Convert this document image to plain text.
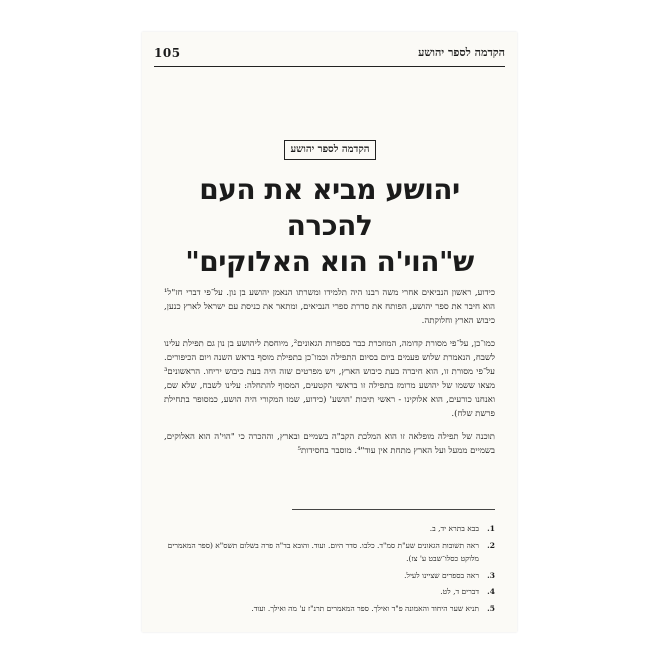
105	הקדמה לספר יהושע
הקדמה לספר יהושע
יהושע מביא את העם להכרה
ש"הוי'ה הוא האלוקים"

כידוע, ראשון הנביאים אחרי משה רבנו היה תלמידו ומשרתו הנאמן יהושע בן נון. על־פי דברי חז"ל¹ הוא חיבר את ספר יהושע, הפותח את סדרת ספרי הנביאים, ומתאר את כניסת עם ישראל לארץ כנען, כיבוש הארץ וחלוקתה.

כמו־כן, על־פי מסורת קדומה, המוזכרת כבר בספרות הגאונים², מיוחסת ליהושע בן נון גם תפילת עלינו לשבח, הנאמרת שלוש פעמים ביום בסיום התפילה וכמו־כן בתפילת מוסף בראש השנה ויום הכיפורים. על־פי מסורת זו, הוא חיברה בעת כיבוש הארץ, ויש מפרטים שזה היה בעת כיבוש יריחו. הראשונים³ מצאו ששמו של יהושע מרומז בתפילה זו בראשי הקטעים, המסוף להתחלה: עלינו לשבח, שלא שם, ואנחנו כורעים, הוא אלוקינו - ראשי תיבות 'הושע' (כידוע, שמו המקורי היה הושע, כמסופר בתחילת פרשת שלח).

תוכנה של תפילה מופלאה זו הוא המלכת הקב"ה בשמיים ובארץ, וההכרה כי "הוי'ה הוא האלוקים, בשמיים ממעל ועל הארץ מתחת אין עוד"⁴. מוסבר בחסידות⁵

1.
בבא בתרא יד, ב.
2.
ראה תשובות הגאונים שע"ת סמ"ד. כלבו. סדר היום. ועוד. והובא בד"ה פרה בשלום תשס"א (ספר המאמרים מלוקט כסלו־שבט ע' צז).
3.
ראה בספרים שציינו לעיל.
4.
דברים ד, לט.
5.
תניא שער היחוד והאמונה פ"ד ואילך. ספר המאמרים תרנ"ז ע' מה ואילך. ועוד.
